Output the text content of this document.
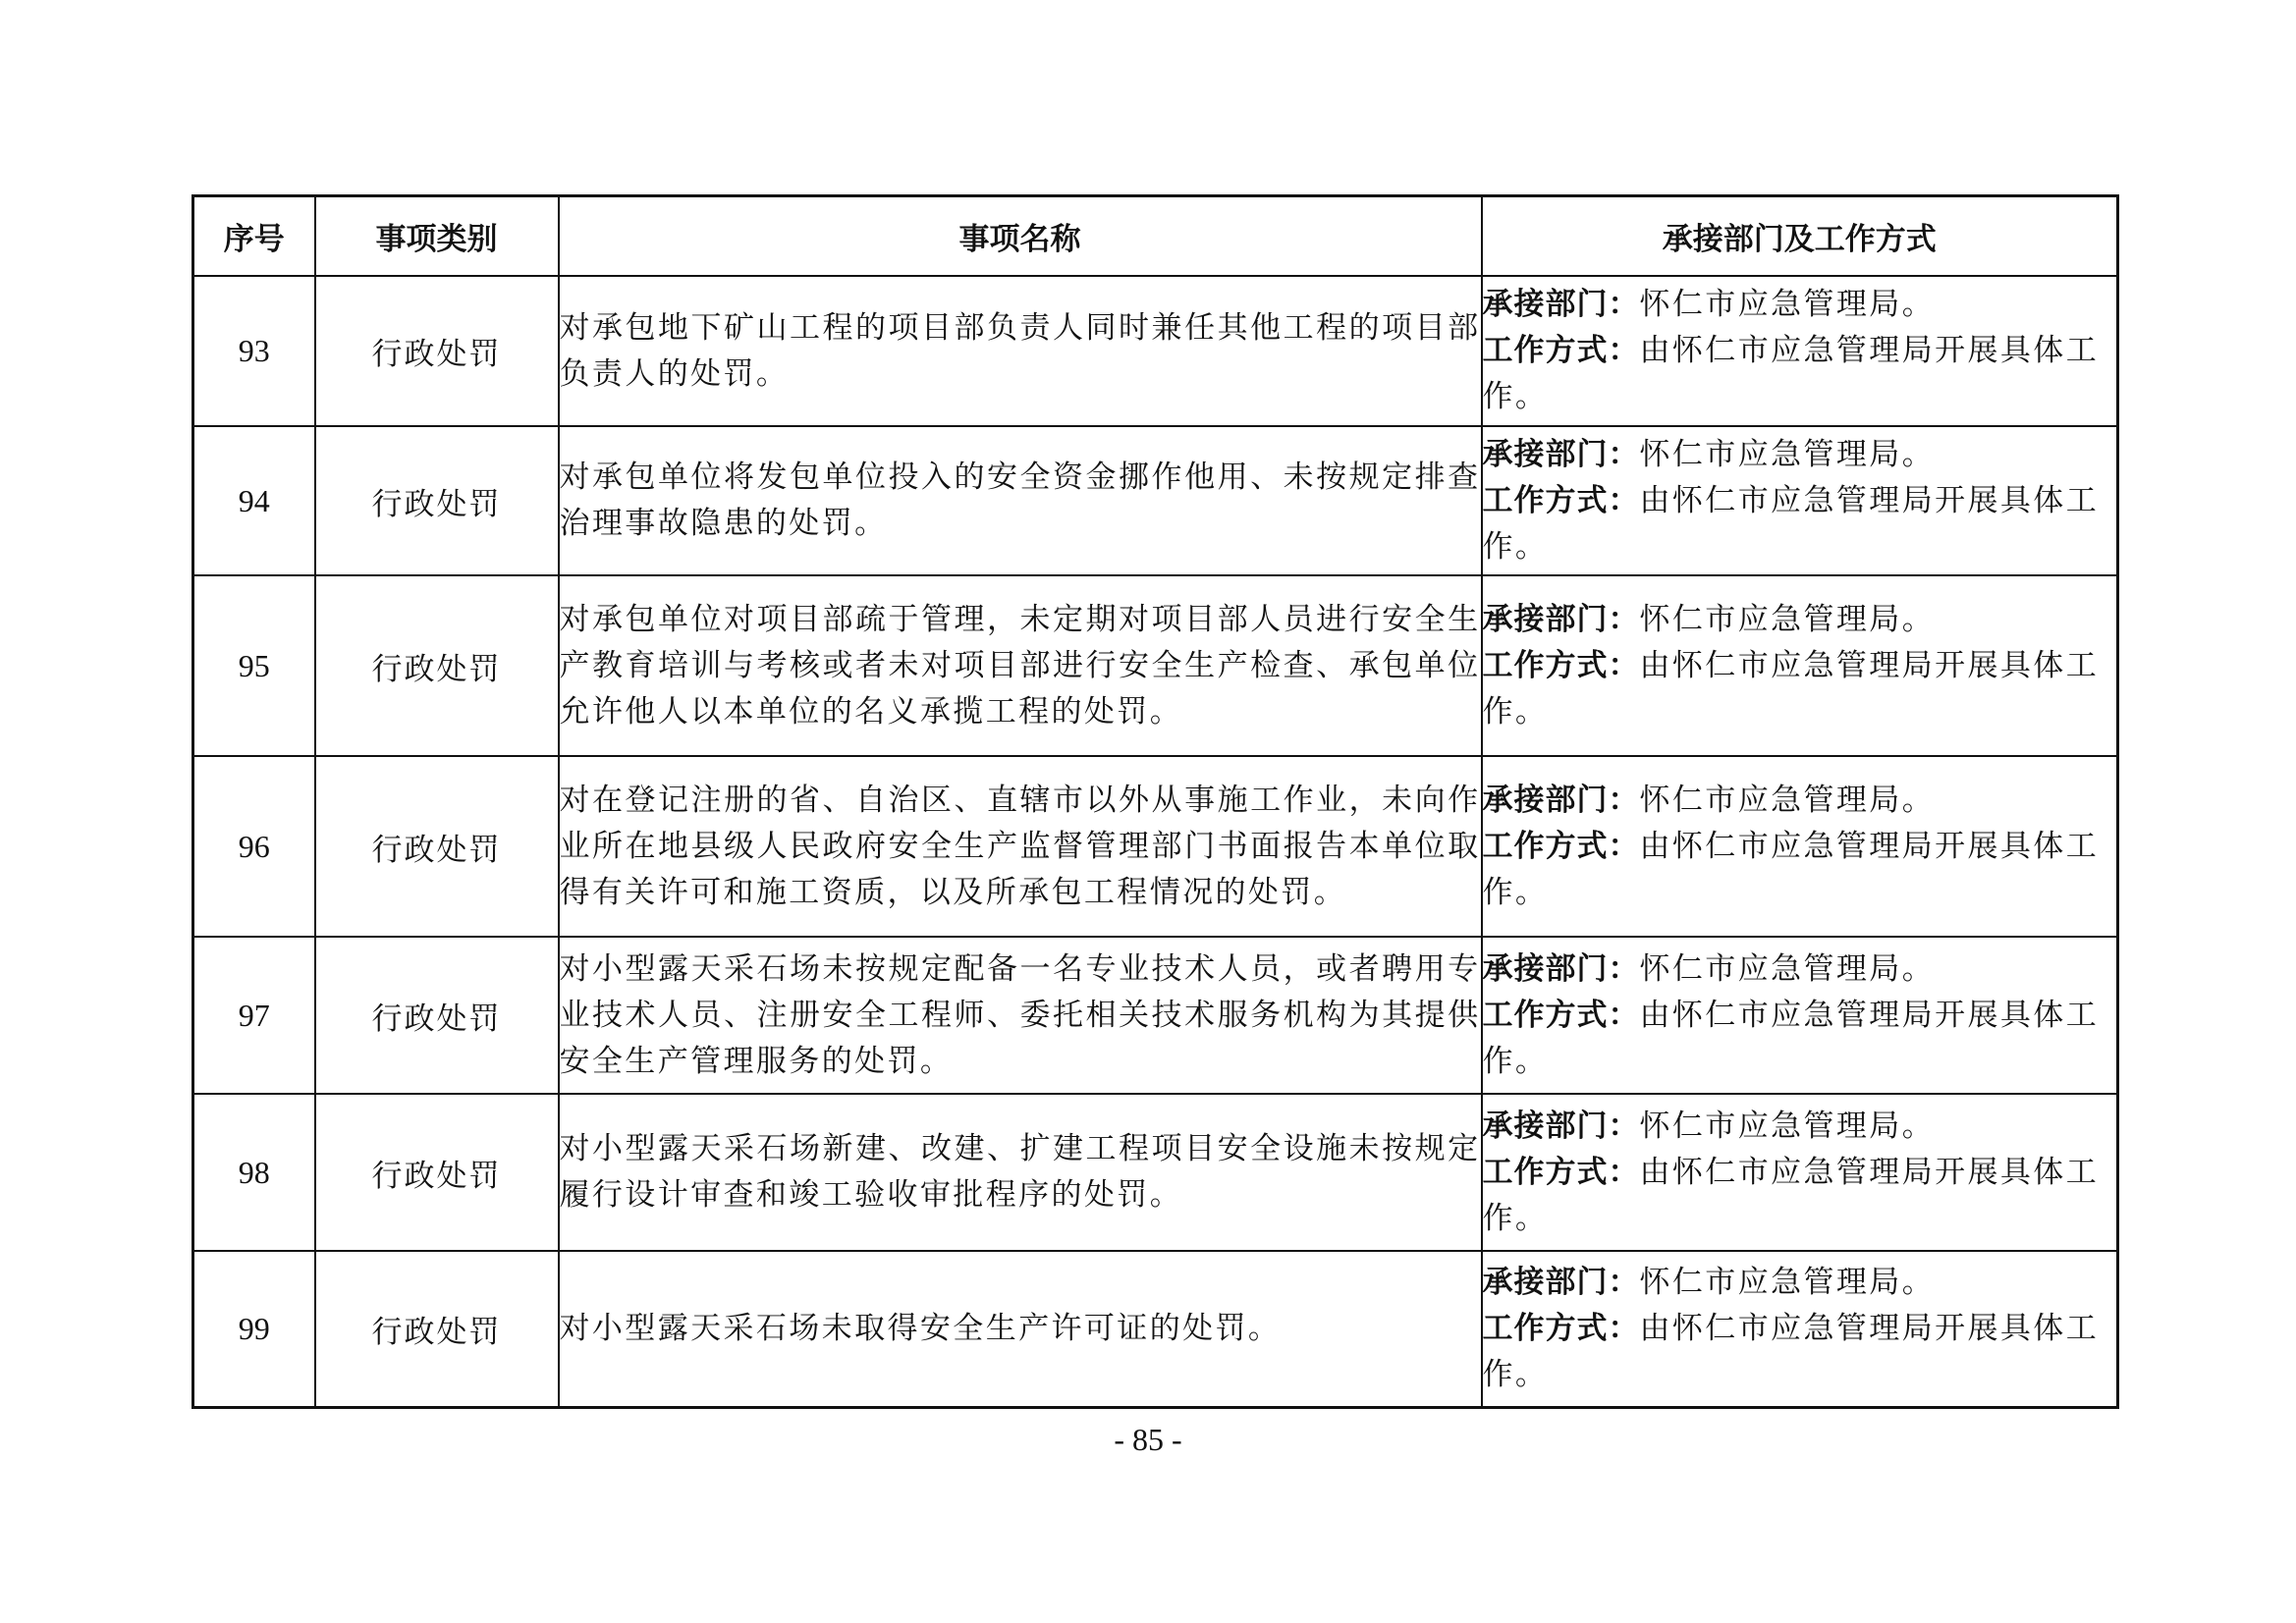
序号	事项类别	事项名称	承接部门及工作方式
93	行政处罚	对承包地下矿山工程的项目部负责人同时兼任其他工程的项目部负责人的处罚。	承接部门：怀仁市应急管理局。
工作方式：由怀仁市应急管理局开展具体工作。

94	行政处罚	对承包单位将发包单位投入的安全资金挪作他用、未按规定排查治理事故隐患的处罚。	承接部门：怀仁市应急管理局。
工作方式：由怀仁市应急管理局开展具体工作。

95	行政处罚	对承包单位对项目部疏于管理，未定期对项目部人员进行安全生产教育培训与考核或者未对项目部进行安全生产检查、承包单位允许他人以本单位的名义承揽工程的处罚。	承接部门：怀仁市应急管理局。
工作方式：由怀仁市应急管理局开展具体工作。

96	行政处罚	对在登记注册的省、自治区、直辖市以外从事施工作业，未向作业所在地县级人民政府安全生产监督管理部门书面报告本单位取得有关许可和施工资质，以及所承包工程情况的处罚。	承接部门：怀仁市应急管理局。
工作方式：由怀仁市应急管理局开展具体工作。

97	行政处罚	对小型露天采石场未按规定配备一名专业技术人员，或者聘用专业技术人员、注册安全工程师、委托相关技术服务机构为其提供安全生产管理服务的处罚。	承接部门：怀仁市应急管理局。
工作方式：由怀仁市应急管理局开展具体工作。

98	行政处罚	对小型露天采石场新建、改建、扩建工程项目安全设施未按规定履行设计审查和竣工验收审批程序的处罚。	承接部门：怀仁市应急管理局。
工作方式：由怀仁市应急管理局开展具体工作。

99	行政处罚	对小型露天采石场未取得安全生产许可证的处罚。	承接部门：怀仁市应急管理局。
工作方式：由怀仁市应急管理局开展具体工作。
- 85 -
